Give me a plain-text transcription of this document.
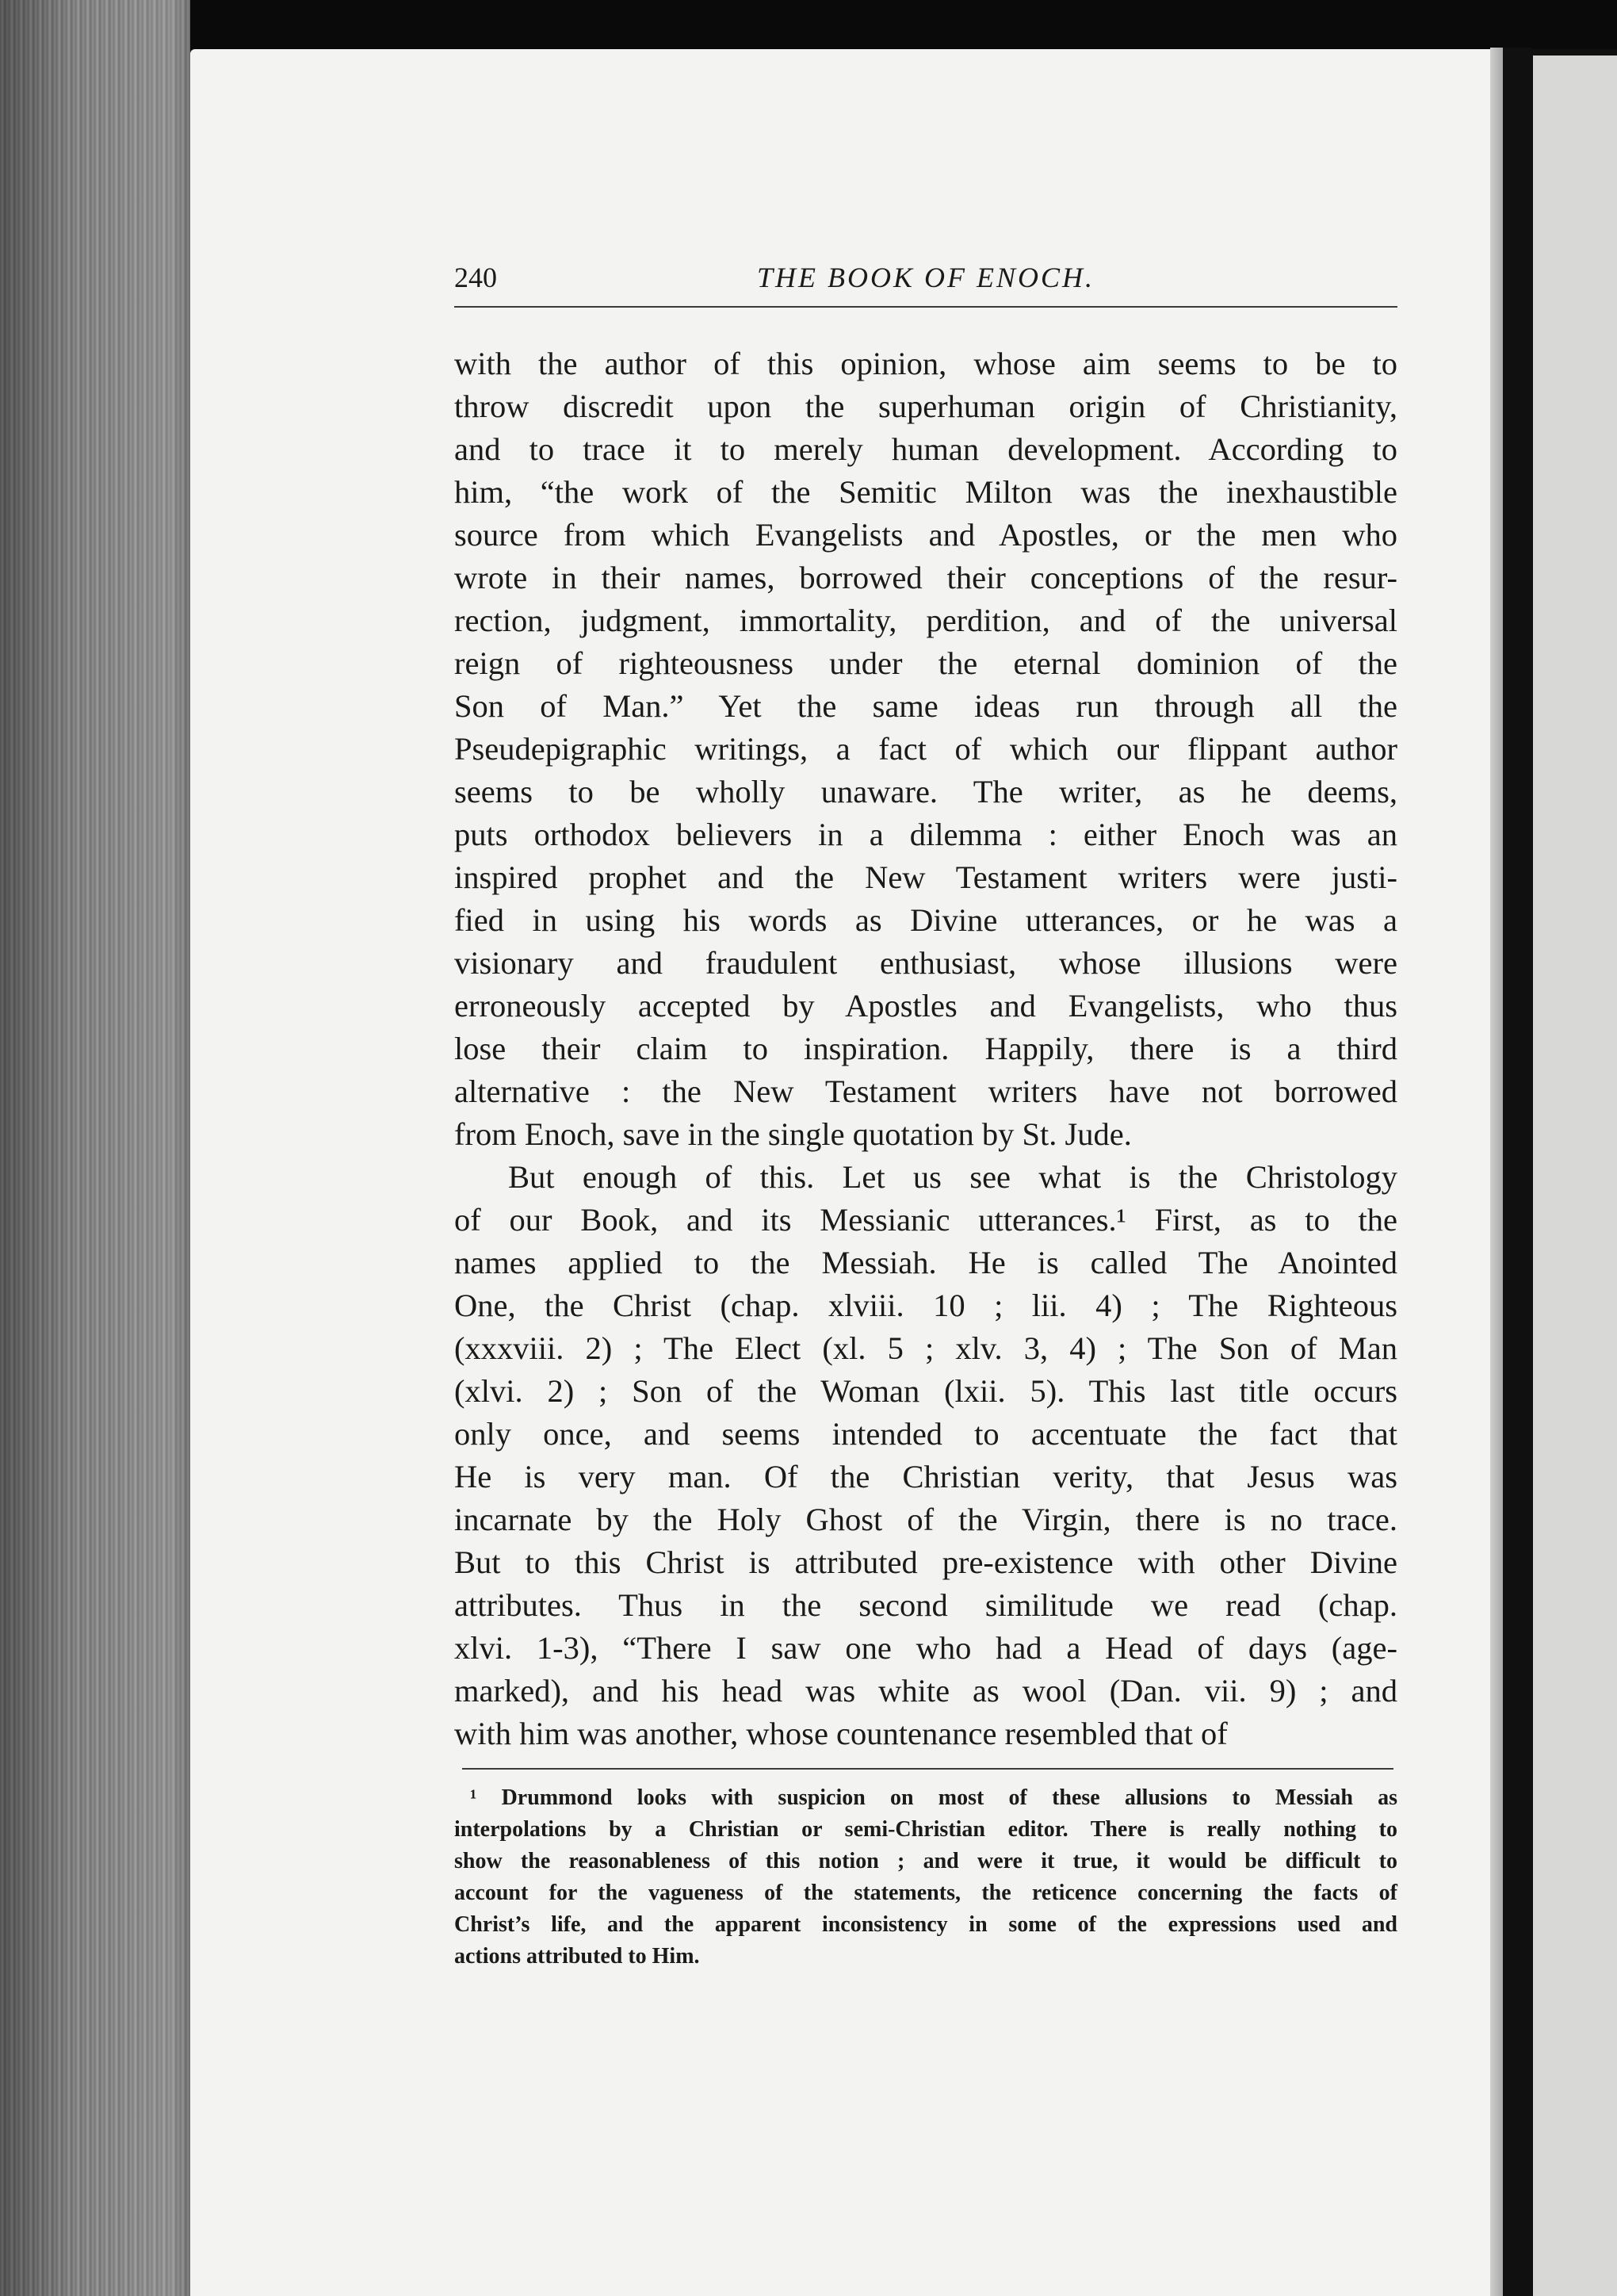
240	THE BOOK OF ENOCH.
with the author of this opinion, whose aim seems to be to
throw discredit upon the superhuman origin of Christianity,
and to trace it to merely human development. According to
him, “the work of the Semitic Milton was the inexhaustible
source from which Evangelists and Apostles, or the men who
wrote in their names, borrowed their conceptions of the resur-
rection, judgment, immortality, perdition, and of the universal
reign of righteousness under the eternal dominion of the
Son of Man.” Yet the same ideas run through all the
Pseudepigraphic writings, a fact of which our flippant author
seems to be wholly unaware. The writer, as he deems,
puts orthodox believers in a dilemma : either Enoch was an
inspired prophet and the New Testament writers were justi-
fied in using his words as Divine utterances, or he was a
visionary and fraudulent enthusiast, whose illusions were
erroneously accepted by Apostles and Evangelists, who thus
lose their claim to inspiration. Happily, there is a third
alternative : the New Testament writers have not borrowed
from Enoch, save in the single quotation by St. Jude.
But enough of this. Let us see what is the Christology
of our Book, and its Messianic utterances.¹ First, as to the
names applied to the Messiah. He is called The Anointed
One, the Christ (chap. xlviii. 10 ; lii. 4) ; The Righteous
(xxxviii. 2) ; The Elect (xl. 5 ; xlv. 3, 4) ; The Son of Man
(xlvi. 2) ; Son of the Woman (lxii. 5). This last title occurs
only once, and seems intended to accentuate the fact that
He is very man. Of the Christian verity, that Jesus was
incarnate by the Holy Ghost of the Virgin, there is no trace.
But to this Christ is attributed pre-existence with other Divine
attributes. Thus in the second similitude we read (chap.
xlvi. 1-3), “There I saw one who had a Head of days (age-
marked), and his head was white as wool (Dan. vii. 9) ; and
with him was another, whose countenance resembled that of
¹ Drummond looks with suspicion on most of these allusions to Messiah as
interpolations by a Christian or semi-Christian editor. There is really nothing to
show the reasonableness of this notion ; and were it true, it would be difficult to
account for the vagueness of the statements, the reticence concerning the facts of
Christ’s life, and the apparent inconsistency in some of the expressions used and
actions attributed to Him.
